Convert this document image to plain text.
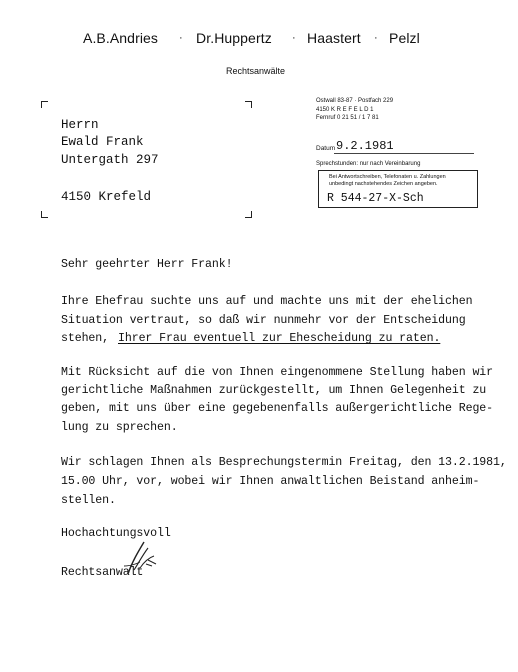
A.B.Andries · Dr.Huppertz · Haastert · Pelzl
Rechtsanwälte
Herrn
Ewald Frank
Untergath 297
4150 Krefeld
Ostwall 83-87 · Postfach 229
4150 K R E F E L D 1
Fernruf 0 21 51 / 1 7 81
Datum 9.2.1981
Sprechstunden: nur nach Vereinbarung
Bei Antwortschreiben, Telefonaten u. Zahlungen
unbedingt nachstehendes Zeichen angeben.
R 544-27-X-Sch
Sehr geehrter Herr Frank!
Ihre Ehefrau suchte uns auf und machte uns mit der ehelichen
Situation vertraut, so daß wir nunmehr vor der Entscheidung
stehen, Ihrer Frau eventuell zur Ehescheidung zu raten.
Mit Rücksicht auf die von Ihnen eingenommene Stellung haben wir
gerichtliche Maßnahmen zurückgestellt, um Ihnen Gelegenheit zu
geben, mit uns über eine gegebenenfalls außergerichtliche Rege-
lung zu sprechen.
Wir schlagen Ihnen als Besprechungstermin Freitag, den 13.2.1981,
15.00 Uhr, vor, wobei wir Ihnen anwaltlichen Beistand anheim-
stellen.
Hochachtungsvoll
Rechtsanwalt
